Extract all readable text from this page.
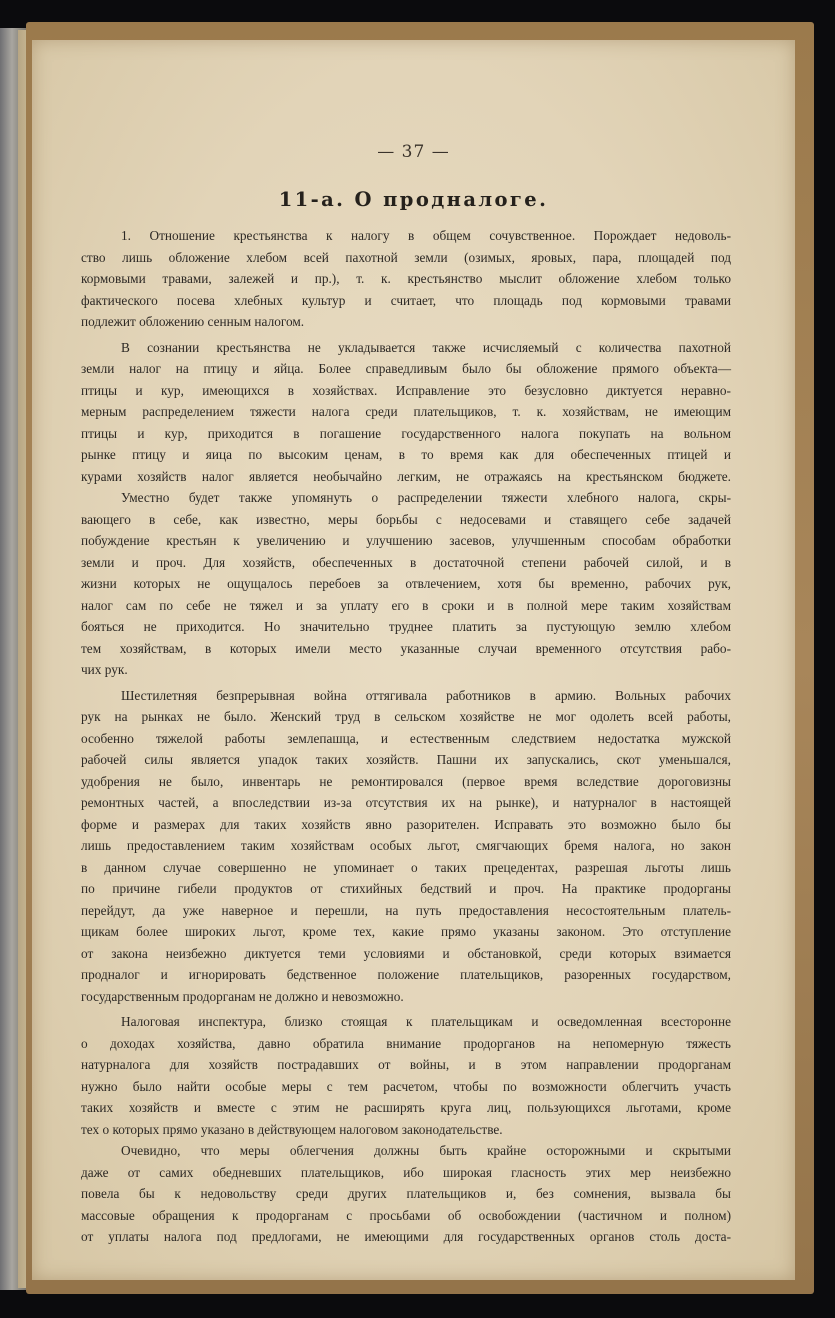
— 37 —
11-а. О продналоге.

1. Отношение крестьянства к налогу в общем сочувственное. Порождает недоволь-

ство лишь обложение хлебом всей пахотной земли (озимых, яровых, пара, площадей под

кормовыми травами, залежей и пр.), т. к. крестьянство мыслит обложение хлебом только

фактического посева хлебных культур и считает, что площадь под кормовыми травами

подлежит обложению сенным налогом.

В сознании крестьянства не укладывается также исчисляемый с количества пахотной

земли налог на птицу и яйца. Более справедливым было бы обложение прямого объекта—

птицы и кур, имеющихся в хозяйствах. Исправление это безусловно диктуется неравно-

мерным распределением тяжести налога среди плательщиков, т. к. хозяйствам, не имеющим

птицы и кур, приходится в погашение государственного налога покупать на вольном

рынке птицу и яица по высоким ценам, в то время как для обеспеченных птицей и

курами хозяйств налог является необычайно легким, не отражаясь на крестьянском бюджете.

Уместно будет также упомянуть о распределении тяжести хлебного налога, скры-

вающего в себе, как известно, меры борьбы с недосевами и ставящего себе задачей

побуждение крестьян к увеличению и улучшению засевов, улучшенным способам обработки

земли и проч. Для хозяйств, обеспеченных в достаточной степени рабочей силой, и в

жизни которых не ощущалось перебоев за отвлечением, хотя бы временно, рабочих рук,

налог сам по себе не тяжел и за уплату его в сроки и в полной мере таким хозяйствам

бояться не приходится. Но значительно труднее платить за пустующую землю хлебом

тем хозяйствам, в которых имели место указанные случаи временного отсутствия рабо-

чих рук.

Шестилетняя безпрерывная война оттягивала работников в армию. Вольных рабочих

рук на рынках не было. Женский труд в сельском хозяйстве не мог одолеть всей работы,

особенно тяжелой работы землепашца, и естественным следствием недостатка мужской

рабочей силы является упадок таких хозяйств. Пашни их запускались, скот уменьшался,

удобрения не было, инвентарь не ремонтировался (первое время вследствие дороговизны

ремонтных частей, а впоследствии из-за отсутствия их на рынке), и натурналог в настоящей

форме и размерах для таких хозяйств явно разорителен. Исправать это возможно было бы

лишь предоставлением таким хозяйствам особых льгот, смягчающих бремя налога, но закон

в данном случае совершенно не упоминает о таких прецедентах, разрешая льготы лишь

по причине гибели продуктов от стихийных бедствий и проч. На практике продорганы

перейдут, да уже наверное и перешли, на путь предоставления несостоятельным платель-

щикам более широких льгот, кроме тех, какие прямо указаны законом. Это отступление

от закона неизбежно диктуется теми условиями и обстановкой, среди которых взимается

продналог и игнорировать бедственное положение плательщиков, разоренных государством,

государственным продорганам не должно и невозможно.

Налоговая инспектура, близко стоящая к плательщикам и осведомленная всесторонне

о доходах хозяйства, давно обратила внимание продорганов на непомерную тяжесть

натурналога для хозяйств пострадавших от войны, и в этом направлении продорганам

нужно было найти особые меры с тем расчетом, чтобы по возможности облегчить участь

таких хозяйств и вместе с этим не расширять круга лиц, пользующихся льготами, кроме

тех о которых прямо указано в действующем налоговом законодательстве.

Очевидно, что меры облегчения должны быть крайне осторожными и скрытыми

даже от самих обедневших плательщиков, ибо широкая гласность этих мер неизбежно

повела бы к недовольству среди других плательщиков и, без сомнения, вызвала бы

массовые обращения к продорганам с просьбами об освобождении (частичном и полном)

от уплаты налога под предлогами, не имеющими для государственных органов столь доста-
